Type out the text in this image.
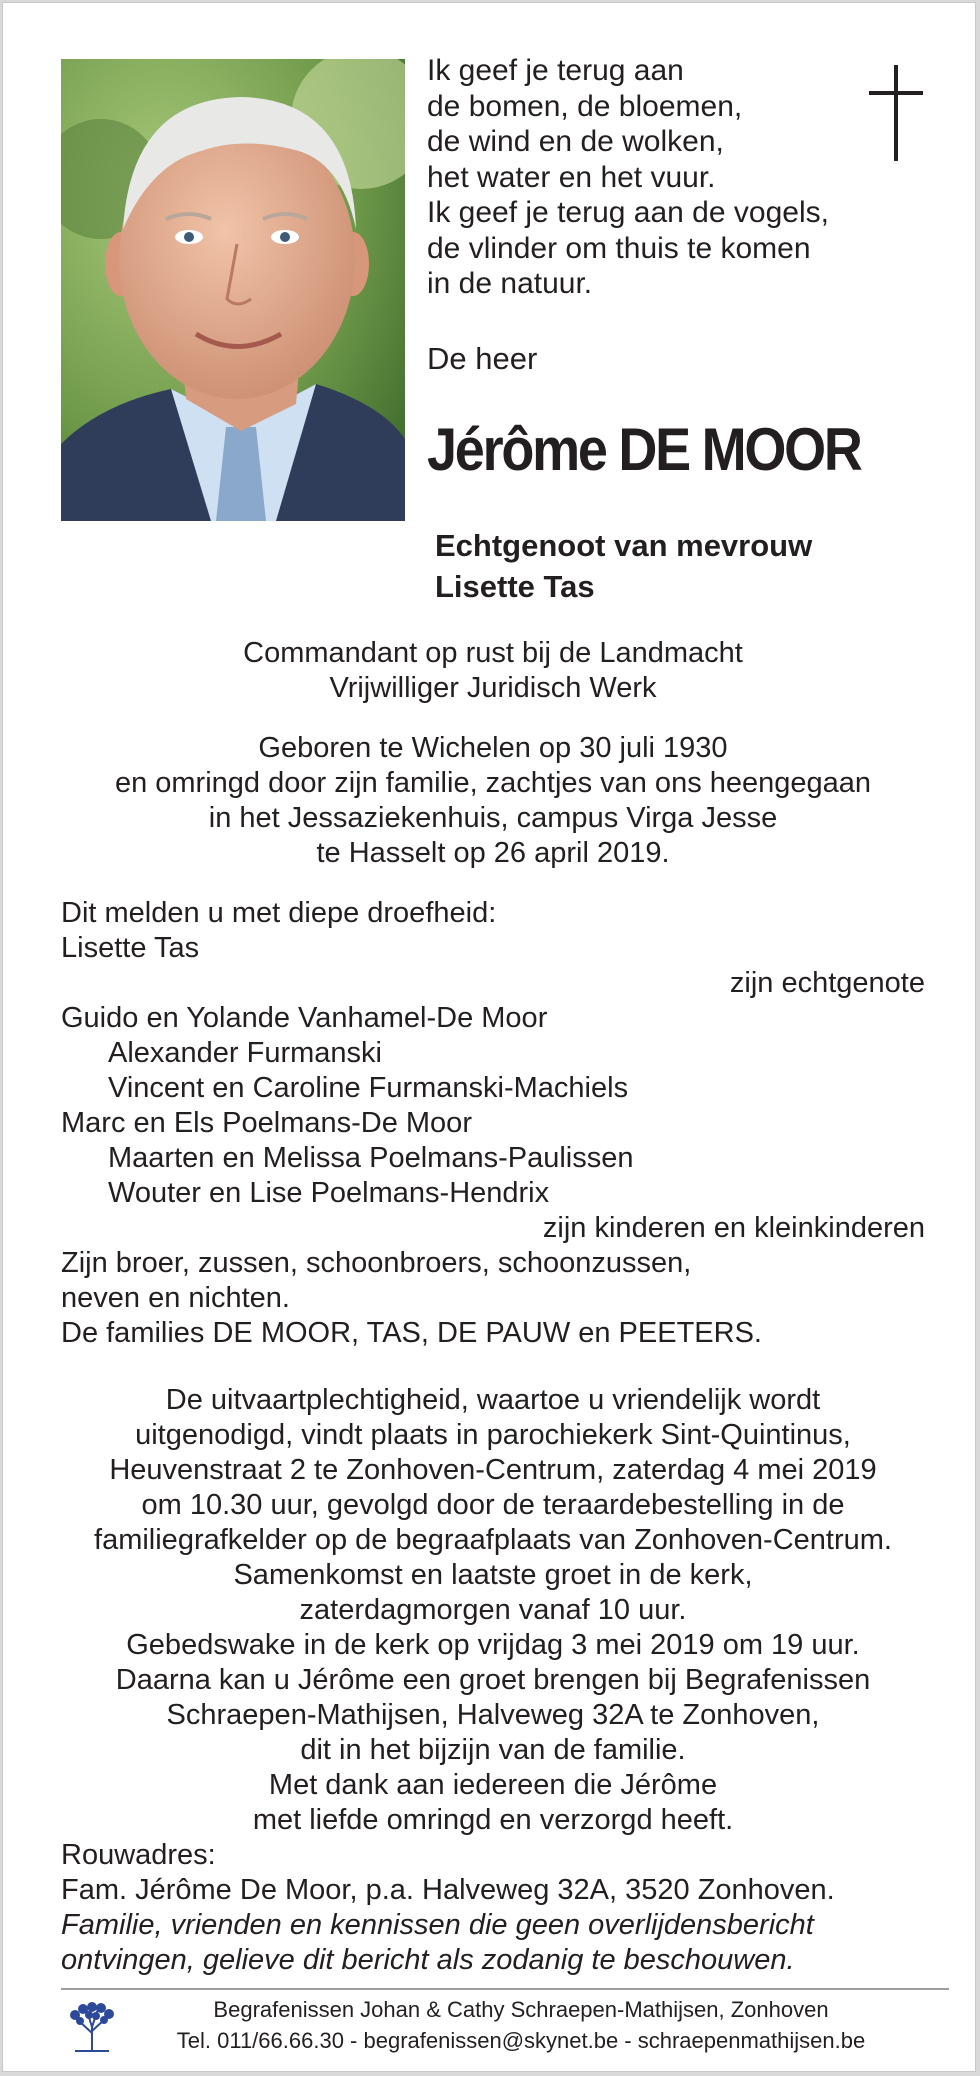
Ik geef je terug aan
de bomen, de bloemen,
de wind en de wolken,
het water en het vuur.
Ik geef je terug aan de vogels,
de vlinder om thuis te komen
in de natuur.
De heer
Jérôme DE MOOR
Echtgenoot van mevrouw
Lisette Tas
Commandant op rust bij de Landmacht
Vrijwilliger Juridisch Werk
Geboren te Wichelen op 30 juli 1930
en omringd door zijn familie, zachtjes van ons heengegaan
in het Jessaziekenhuis, campus Virga Jesse
te Hasselt op 26 april 2019.
Dit melden u met diepe droefheid:
Lisette Tas
zijn echtgenote
Guido en Yolande Vanhamel-De Moor
Alexander Furmanski
Vincent en Caroline Furmanski-Machiels
Marc en Els Poelmans-De Moor
Maarten en Melissa Poelmans-Paulissen
Wouter en Lise Poelmans-Hendrix
zijn kinderen en kleinkinderen
Zijn broer, zussen, schoonbroers, schoonzussen,
neven en nichten.
De families DE MOOR, TAS, DE PAUW en PEETERS.
De uitvaartplechtigheid, waartoe u vriendelijk wordt
uitgenodigd, vindt plaats in parochiekerk Sint-Quintinus,
Heuvenstraat 2 te Zonhoven-Centrum, zaterdag 4 mei 2019
om 10.30 uur, gevolgd door de teraardebestelling in de
familiegrafkelder op de begraafplaats van Zonhoven-Centrum.
Samenkomst en laatste groet in de kerk,
zaterdagmorgen vanaf 10 uur.
Gebedswake in de kerk op vrijdag 3 mei 2019 om 19 uur.
Daarna kan u Jérôme een groet brengen bij Begrafenissen
Schraepen-Mathijsen, Halveweg 32A te Zonhoven,
dit in het bijzijn van de familie.
Met dank aan iedereen die Jérôme
met liefde omringd en verzorgd heeft.
Rouwadres:
Fam. Jérôme De Moor, p.a. Halveweg 32A, 3520 Zonhoven.
Familie, vrienden en kennissen die geen overlijdensbericht
ontvingen, gelieve dit bericht als zodanig te beschouwen.
Begrafenissen Johan & Cathy Schraepen-Mathijsen, Zonhoven
Tel. 011/66.66.30 - begrafenissen@skynet.be - schraepenmathijsen.be
